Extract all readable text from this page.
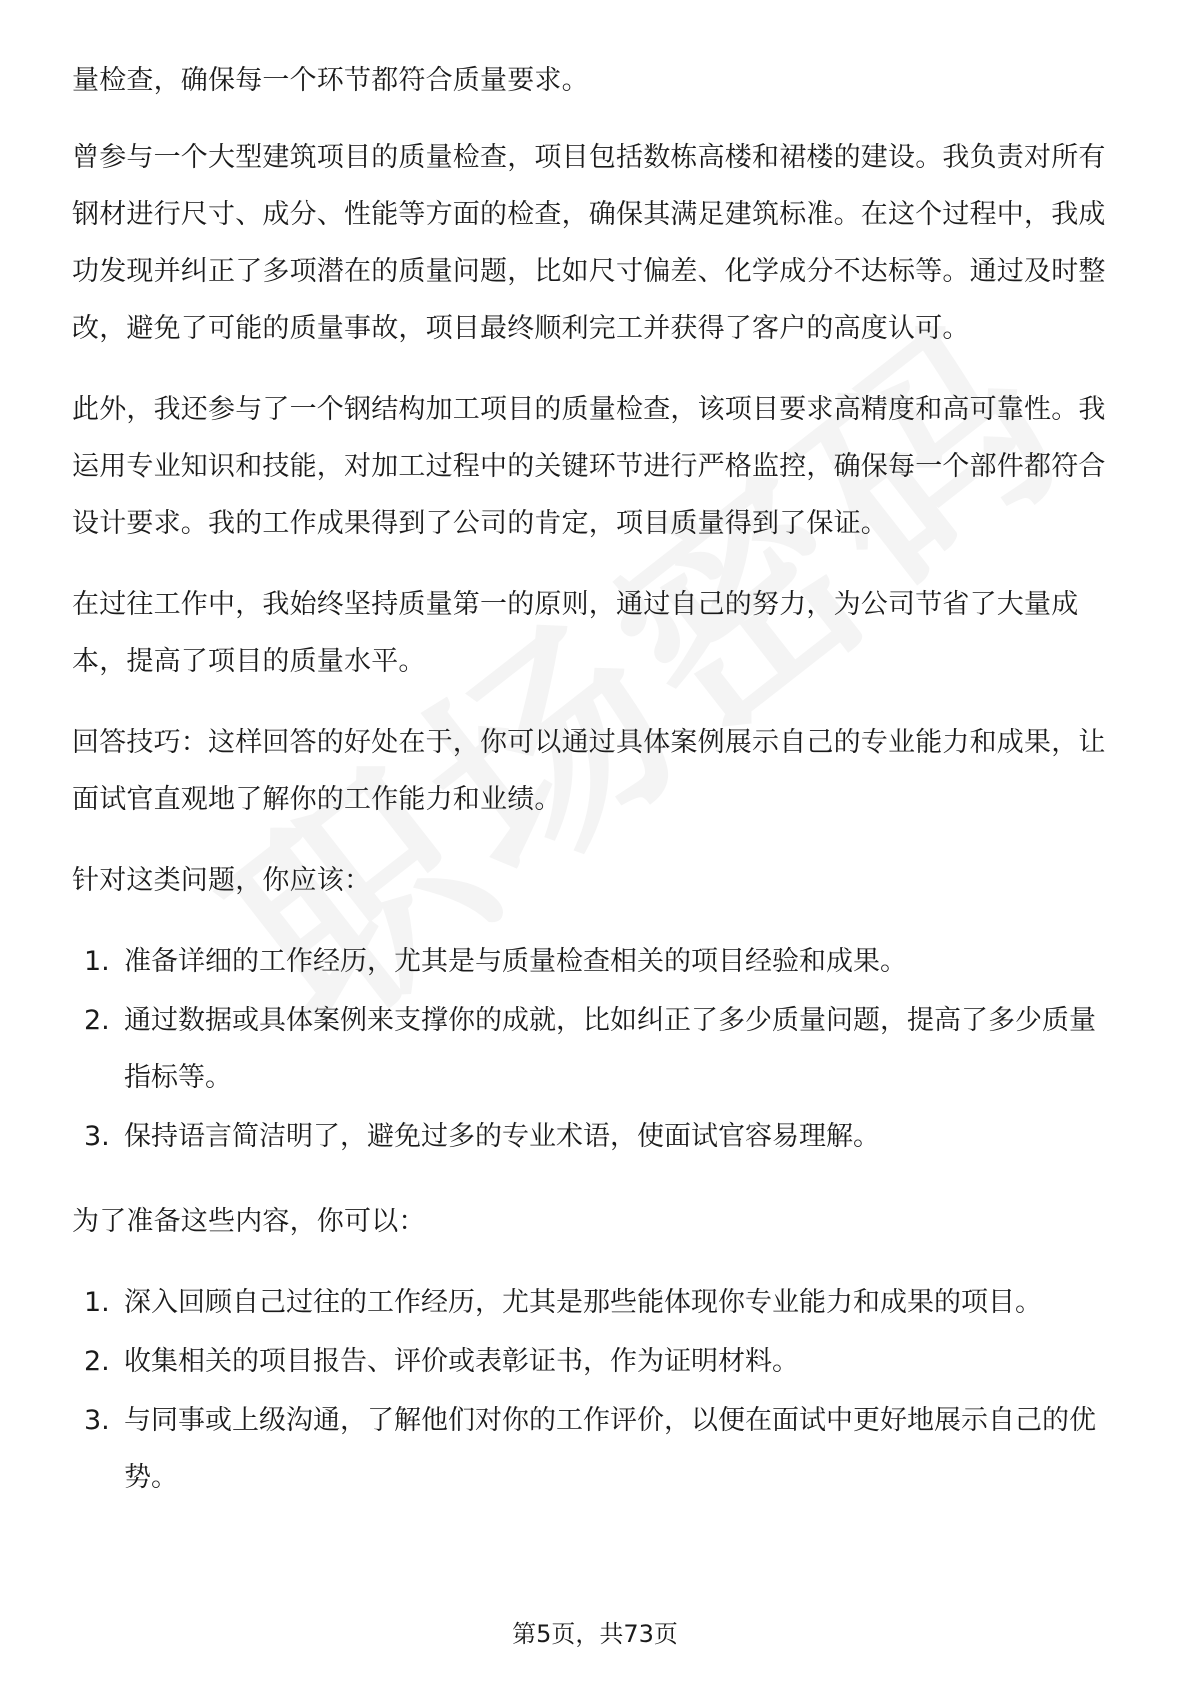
量检查，确保每一个环节都符合质量要求。

曾参与一个大型建筑项目的质量检查，项目包括数栋高楼和裙楼的建设。我负责对所有钢材进行尺寸、成分、性能等方面的检查，确保其满足建筑标准。在这个过程中，我成功发现并纠正了多项潜在的质量问题，比如尺寸偏差、化学成分不达标等。通过及时整改，避免了可能的质量事故，项目最终顺利完工并获得了客户的高度认可。

此外，我还参与了一个钢结构加工项目的质量检查，该项目要求高精度和高可靠性。我运用专业知识和技能，对加工过程中的关键环节进行严格监控，确保每一个部件都符合设计要求。我的工作成果得到了公司的肯定，项目质量得到了保证。

在过往工作中，我始终坚持质量第一的原则，通过自己的努力，为公司节省了大量成本，提高了项目的质量水平。

回答技巧：这样回答的好处在于，你可以通过具体案例展示自己的专业能力和成果，让面试官直观地了解你的工作能力和业绩。

针对这类问题，你应该：

1. 准备详细的工作经历，尤其是与质量检查相关的项目经验和成果。
2. 通过数据或具体案例来支撑你的成就，比如纠正了多少质量问题，提高了多少质量指标等。
3. 保持语言简洁明了，避免过多的专业术语，使面试官容易理解。

为了准备这些内容，你可以：

1. 深入回顾自己过往的工作经历，尤其是那些能体现你专业能力和成果的项目。
2. 收集相关的项目报告、评价或表彰证书，作为证明材料。
3. 与同事或上级沟通，了解他们对你的工作评价，以便在面试中更好地展示自己的优势。
第5页，共73页
